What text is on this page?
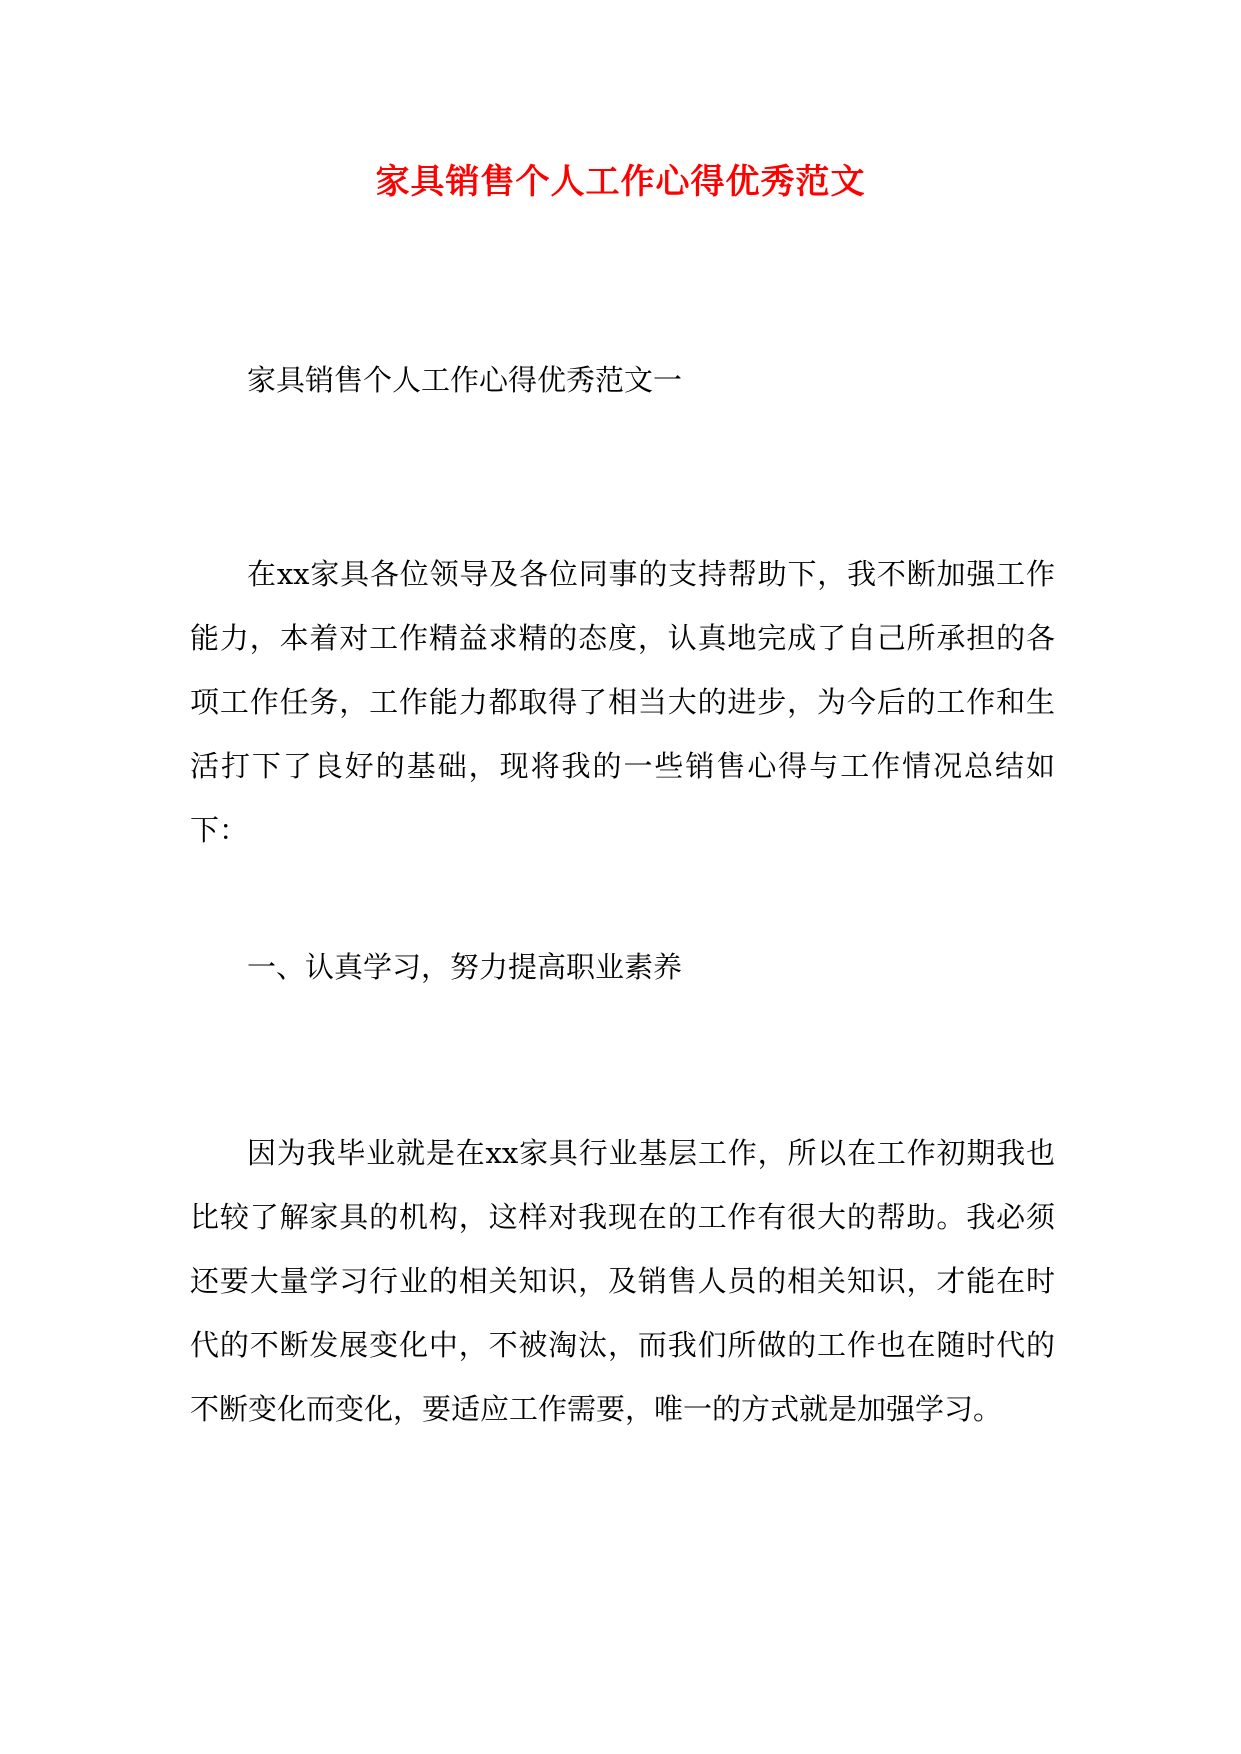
家具销售个人工作心得优秀范文
家具销售个人工作心得优秀范文一
在xx家具各位领导及各位同事的支持帮助下，我不断加强工作能力，本着对工作精益求精的态度，认真地完成了自己所承担的各项工作任务，工作能力都取得了相当大的进步，为今后的工作和生活打下了良好的基础，现将我的一些销售心得与工作情况总结如下：
一、认真学习，努力提高职业素养
因为我毕业就是在xx家具行业基层工作，所以在工作初期我也比较了解家具的机构，这样对我现在的工作有很大的帮助。我必须还要大量学习行业的相关知识，及销售人员的相关知识，才能在时代的不断发展变化中，不被淘汰，而我们所做的工作也在随时代的不断变化而变化，要适应工作需要，唯一的方式就是加强学习。
